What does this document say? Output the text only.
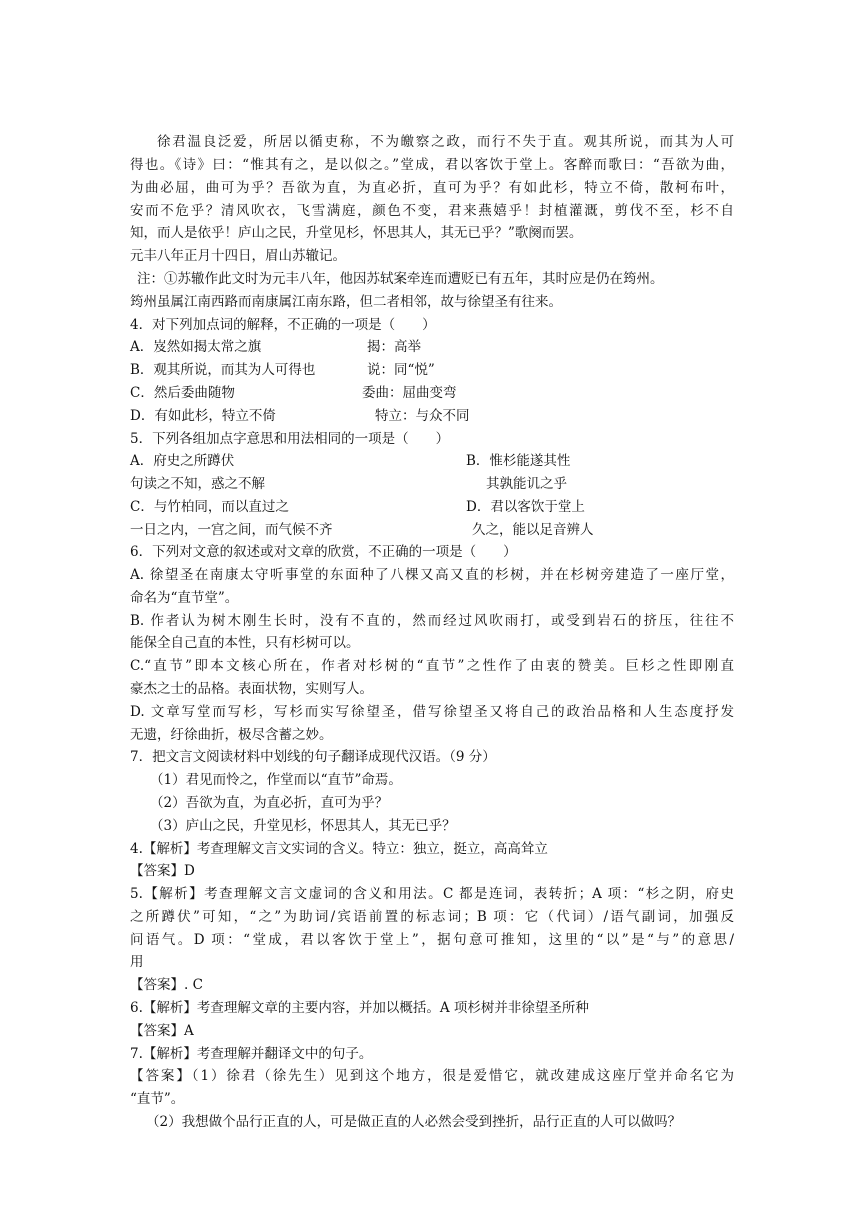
徐君温良泛爱，所居以循吏称，不为皦察之政，而行不失于直。观其所说，而其为人可
得也。《诗》曰：“惟其有之，是以似之。”堂成，君以客饮于堂上。客醉而歌曰：“吾欲为曲，
为曲必屈，曲可为乎？吾欲为直，为直必折，直可为乎？有如此杉，特立不倚，散柯布叶，
安而不危乎？清风吹衣，飞雪满庭，颜色不变，君来燕嬉乎！封植灌溉，剪伐不至，杉不自
知，而人是依乎！庐山之民，升堂见杉，怀思其人，其无已乎？”歌阕而罢。
元丰八年正月十四日，眉山苏辙记。
注：①苏辙作此文时为元丰八年，他因苏轼案牵连而遭贬已有五年，其时应是仍在筠州。
筠州虽属江南西路而南康属江南东路，但二者相邻，故与徐望圣有往来。
4．对下列加点词的解释，不正确的一项是（　　）
A．岌然如揭太常之旗	揭：高举
B．观其所说，而其为人可得也	说：同“悦”
C．然后委曲随物	委曲：屈曲变弯
D．有如此杉，特立不倚	特立：与众不同
5．下列各组加点字意思和用法相同的一项是（　　）
A．府史之所蹲伏	B．惟杉能遂其性
句读之不知，惑之不解	其孰能讥之乎
C．与竹柏同，而以直过之	D．君以客饮于堂上
一日之内，一宫之间，而气候不齐	久之，能以足音辨人
6．下列对文意的叙述或对文章的欣赏，不正确的一项是（　　）
A. 徐望圣在南康太守听事堂的东面种了八棵又高又直的杉树，并在杉树旁建造了一座厅堂，
命名为“直节堂”。
B. 作者认为树木刚生长时，没有不直的，然而经过风吹雨打，或受到岩石的挤压，往往不
能保全自己直的本性，只有杉树可以。
C.“直节”即本文核心所在，作者对杉树的“直节”之性作了由衷的赞美。巨杉之性即刚直
豪杰之士的品格。表面状物，实则写人。
D. 文章写堂而写杉，写杉而实写徐望圣，借写徐望圣又将自己的政治品格和人生态度抒发
无遗，纡徐曲折，极尽含蓄之妙。
7．把文言文阅读材料中划线的句子翻译成现代汉语。（9 分）
（1）君见而怜之，作堂而以“直节”命焉。
（2）吾欲为直，为直必折，直可为乎？
（3）庐山之民，升堂见杉，怀思其人，其无已乎？
4.【解析】考查理解文言文实词的含义。特立：独立，挺立，高高耸立
【答案】D
5.【解析】考查理解文言文虚词的含义和用法。C 都是连词，表转折；A 项：“杉之阴，府史
之所蹲伏”可知，“之”为助词/宾语前置的标志词；B 项：它（代词）/语气副词，加强反
问语气。D 项：“堂成，君以客饮于堂上”，据句意可推知，这里的“以”是“与”的意思/
用
【答案】. C
6.【解析】考查理解文章的主要内容，并加以概括。A 项杉树并非徐望圣所种
【答案】A
7.【解析】考查理解并翻译文中的句子。
【答案】（1）徐君（徐先生）见到这个地方，很是爱惜它，就改建成这座厅堂并命名它为
“直节”。
（2）我想做个品行正直的人，可是做正直的人必然会受到挫折，品行正直的人可以做吗？
